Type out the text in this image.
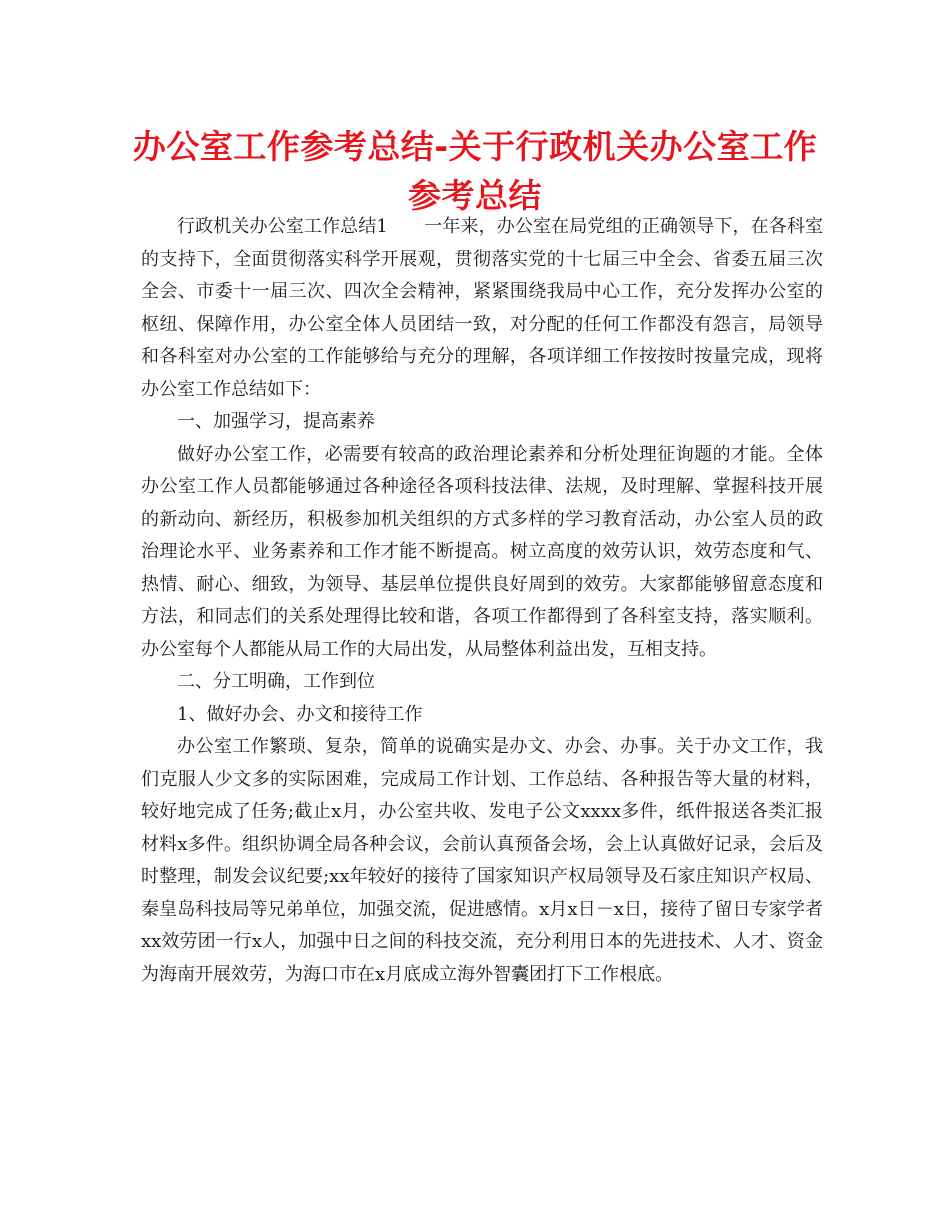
办公室工作参考总结-关于行政机关办公室工作参考总结

行政机关办公室工作总结1　　一年来，办公室在局党组的正确领导下，在各科室的支持下，全面贯彻落实科学开展观，贯彻落实党的十七届三中全会、省委五届三次全会、市委十一届三次、四次全会精神，紧紧围绕我局中心工作，充分发挥办公室的枢纽、保障作用，办公室全体人员团结一致，对分配的任何工作都没有怨言，局领导和各科室对办公室的工作能够给与充分的理解，各项详细工作按按时按量完成，现将办公室工作总结如下：

一、加强学习，提高素养

做好办公室工作，必需要有较高的政治理论素养和分析处理征询题的才能。全体办公室工作人员都能够通过各种途径各项科技法律、法规，及时理解、掌握科技开展的新动向、新经历，积极参加机关组织的方式多样的学习教育活动，办公室人员的政治理论水平、业务素养和工作才能不断提高。树立高度的效劳认识，效劳态度和气、热情、耐心、细致，为领导、基层单位提供良好周到的效劳。大家都能够留意态度和方法，和同志们的关系处理得比较和谐，各项工作都得到了各科室支持，落实顺利。办公室每个人都能从局工作的大局出发，从局整体利益出发，互相支持。

二、分工明确，工作到位

1、做好办会、办文和接待工作

办公室工作繁琐、复杂，简单的说确实是办文、办会、办事。关于办文工作，我们克服人少文多的实际困难，完成局工作计划、工作总结、各种报告等大量的材料，较好地完成了任务;截止x月，办公室共收、发电子公文xxxx多件，纸件报送各类汇报材料x多件。组织协调全局各种会议，会前认真预备会场，会上认真做好记录，会后及时整理，制发会议纪要;xx年较好的接待了国家知识产权局领导及石家庄知识产权局、秦皇岛科技局等兄弟单位，加强交流，促进感情。x月x日－x日，接待了留日专家学者xx效劳团一行x人，加强中日之间的科技交流，充分利用日本的先进技术、人才、资金为海南开展效劳，为海口市在x月底成立海外智囊团打下工作根底。
